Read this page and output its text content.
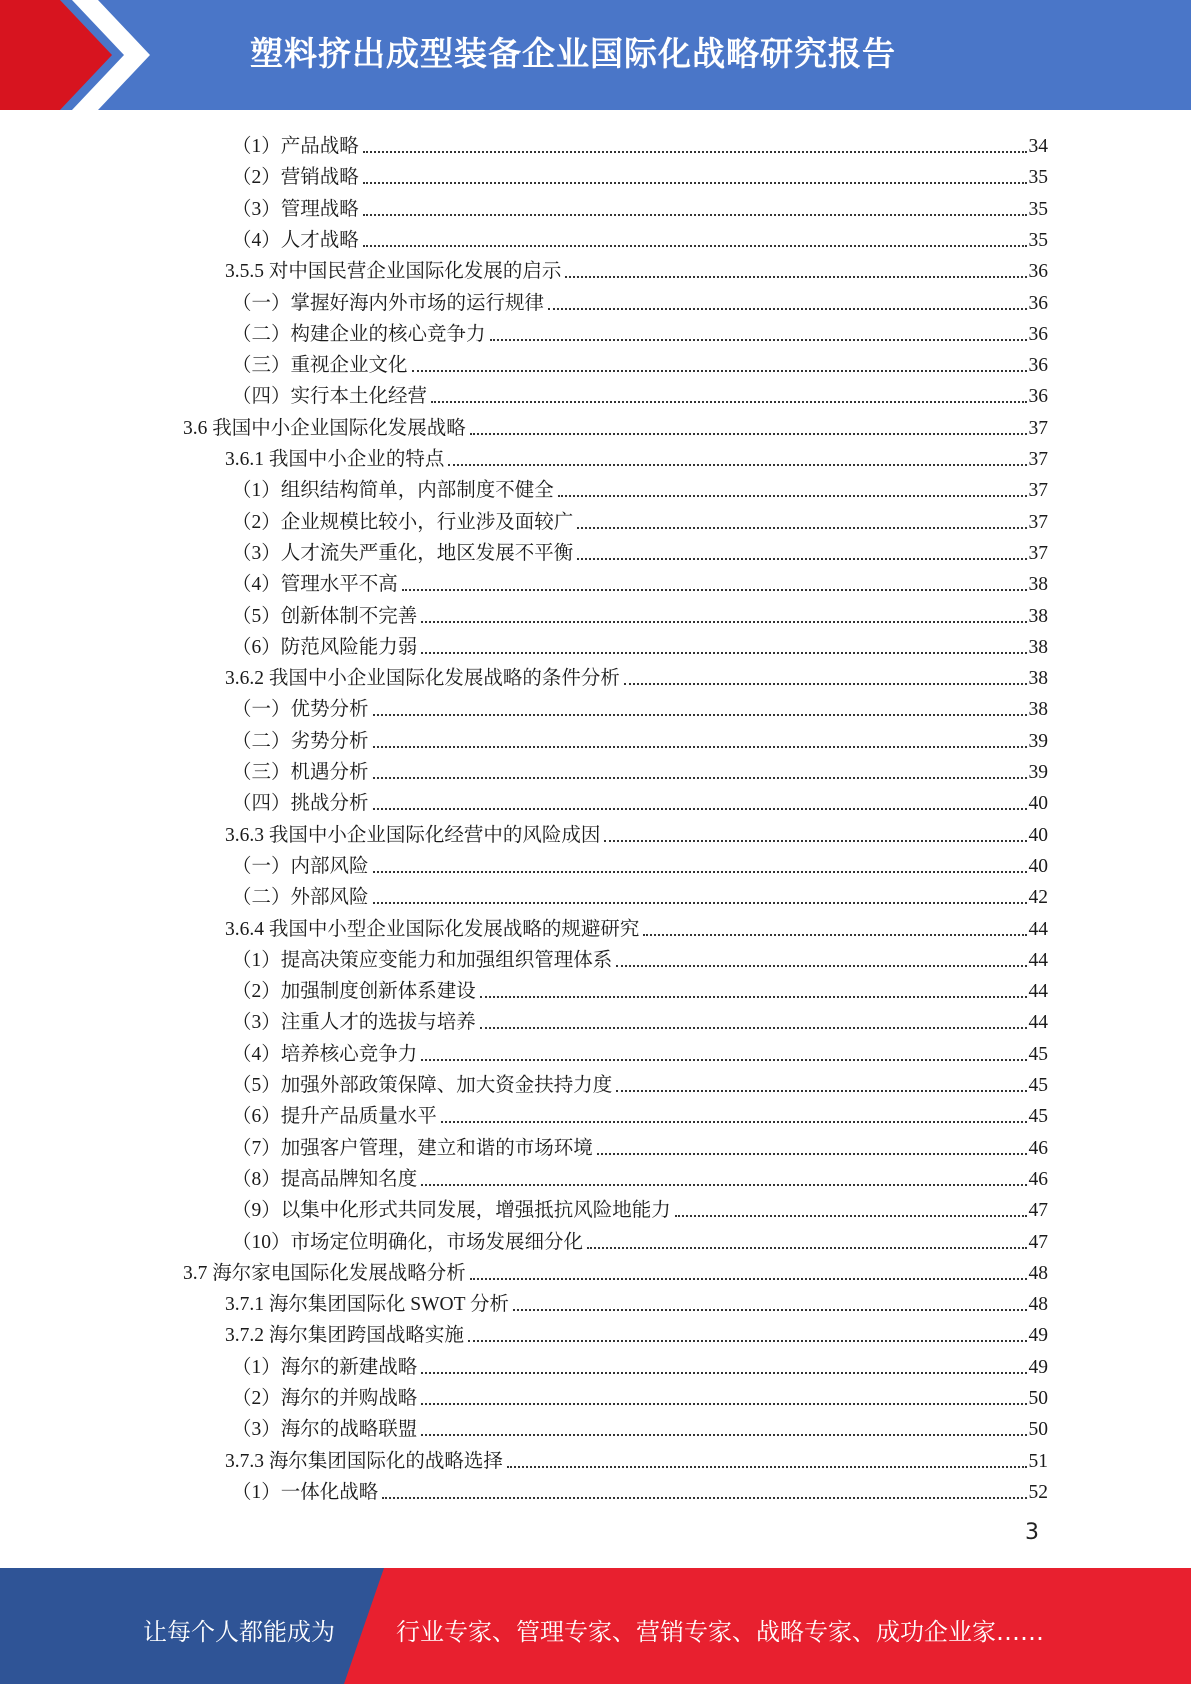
塑料挤出成型装备企业国际化战略研究报告
（1）产品战略	34
（2）营销战略	35
（3）管理战略	35
（4）人才战略	35
3.5.5 对中国民营企业国际化发展的启示	36
（一）掌握好海内外市场的运行规律	36
（二）构建企业的核心竞争力	36
（三）重视企业文化	36
（四）实行本土化经营	36
3.6 我国中小企业国际化发展战略	37
3.6.1 我国中小企业的特点	37
（1）组织结构简单，内部制度不健全	37
（2）企业规模比较小，行业涉及面较广	37
（3）人才流失严重化，地区发展不平衡	37
（4）管理水平不高	38
（5）创新体制不完善	38
（6）防范风险能力弱	38
3.6.2 我国中小企业国际化发展战略的条件分析	38
（一）优势分析	38
（二）劣势分析	39
（三）机遇分析	39
（四）挑战分析	40
3.6.3 我国中小企业国际化经营中的风险成因	40
（一）内部风险	40
（二）外部风险	42
3.6.4 我国中小型企业国际化发展战略的规避研究	44
（1）提高决策应变能力和加强组织管理体系	44
（2）加强制度创新体系建设	44
（3）注重人才的选拔与培养	44
（4）培养核心竞争力	45
（5）加强外部政策保障、加大资金扶持力度	45
（6）提升产品质量水平	45
（7）加强客户管理，建立和谐的市场环境	46
（8）提高品牌知名度	46
（9）以集中化形式共同发展，增强抵抗风险地能力	47
（10）市场定位明确化，市场发展细分化	47
3.7 海尔家电国际化发展战略分析	48
3.7.1 海尔集团国际化 SWOT 分析	48
3.7.2 海尔集团跨国战略实施	49
（1）海尔的新建战略	49
（2）海尔的并购战略	50
（3）海尔的战略联盟	50
3.7.3 海尔集团国际化的战略选择	51
（1）一体化战略	52
3
让每个人都能成为	行业专家、管理专家、营销专家、战略专家、成功企业家……
